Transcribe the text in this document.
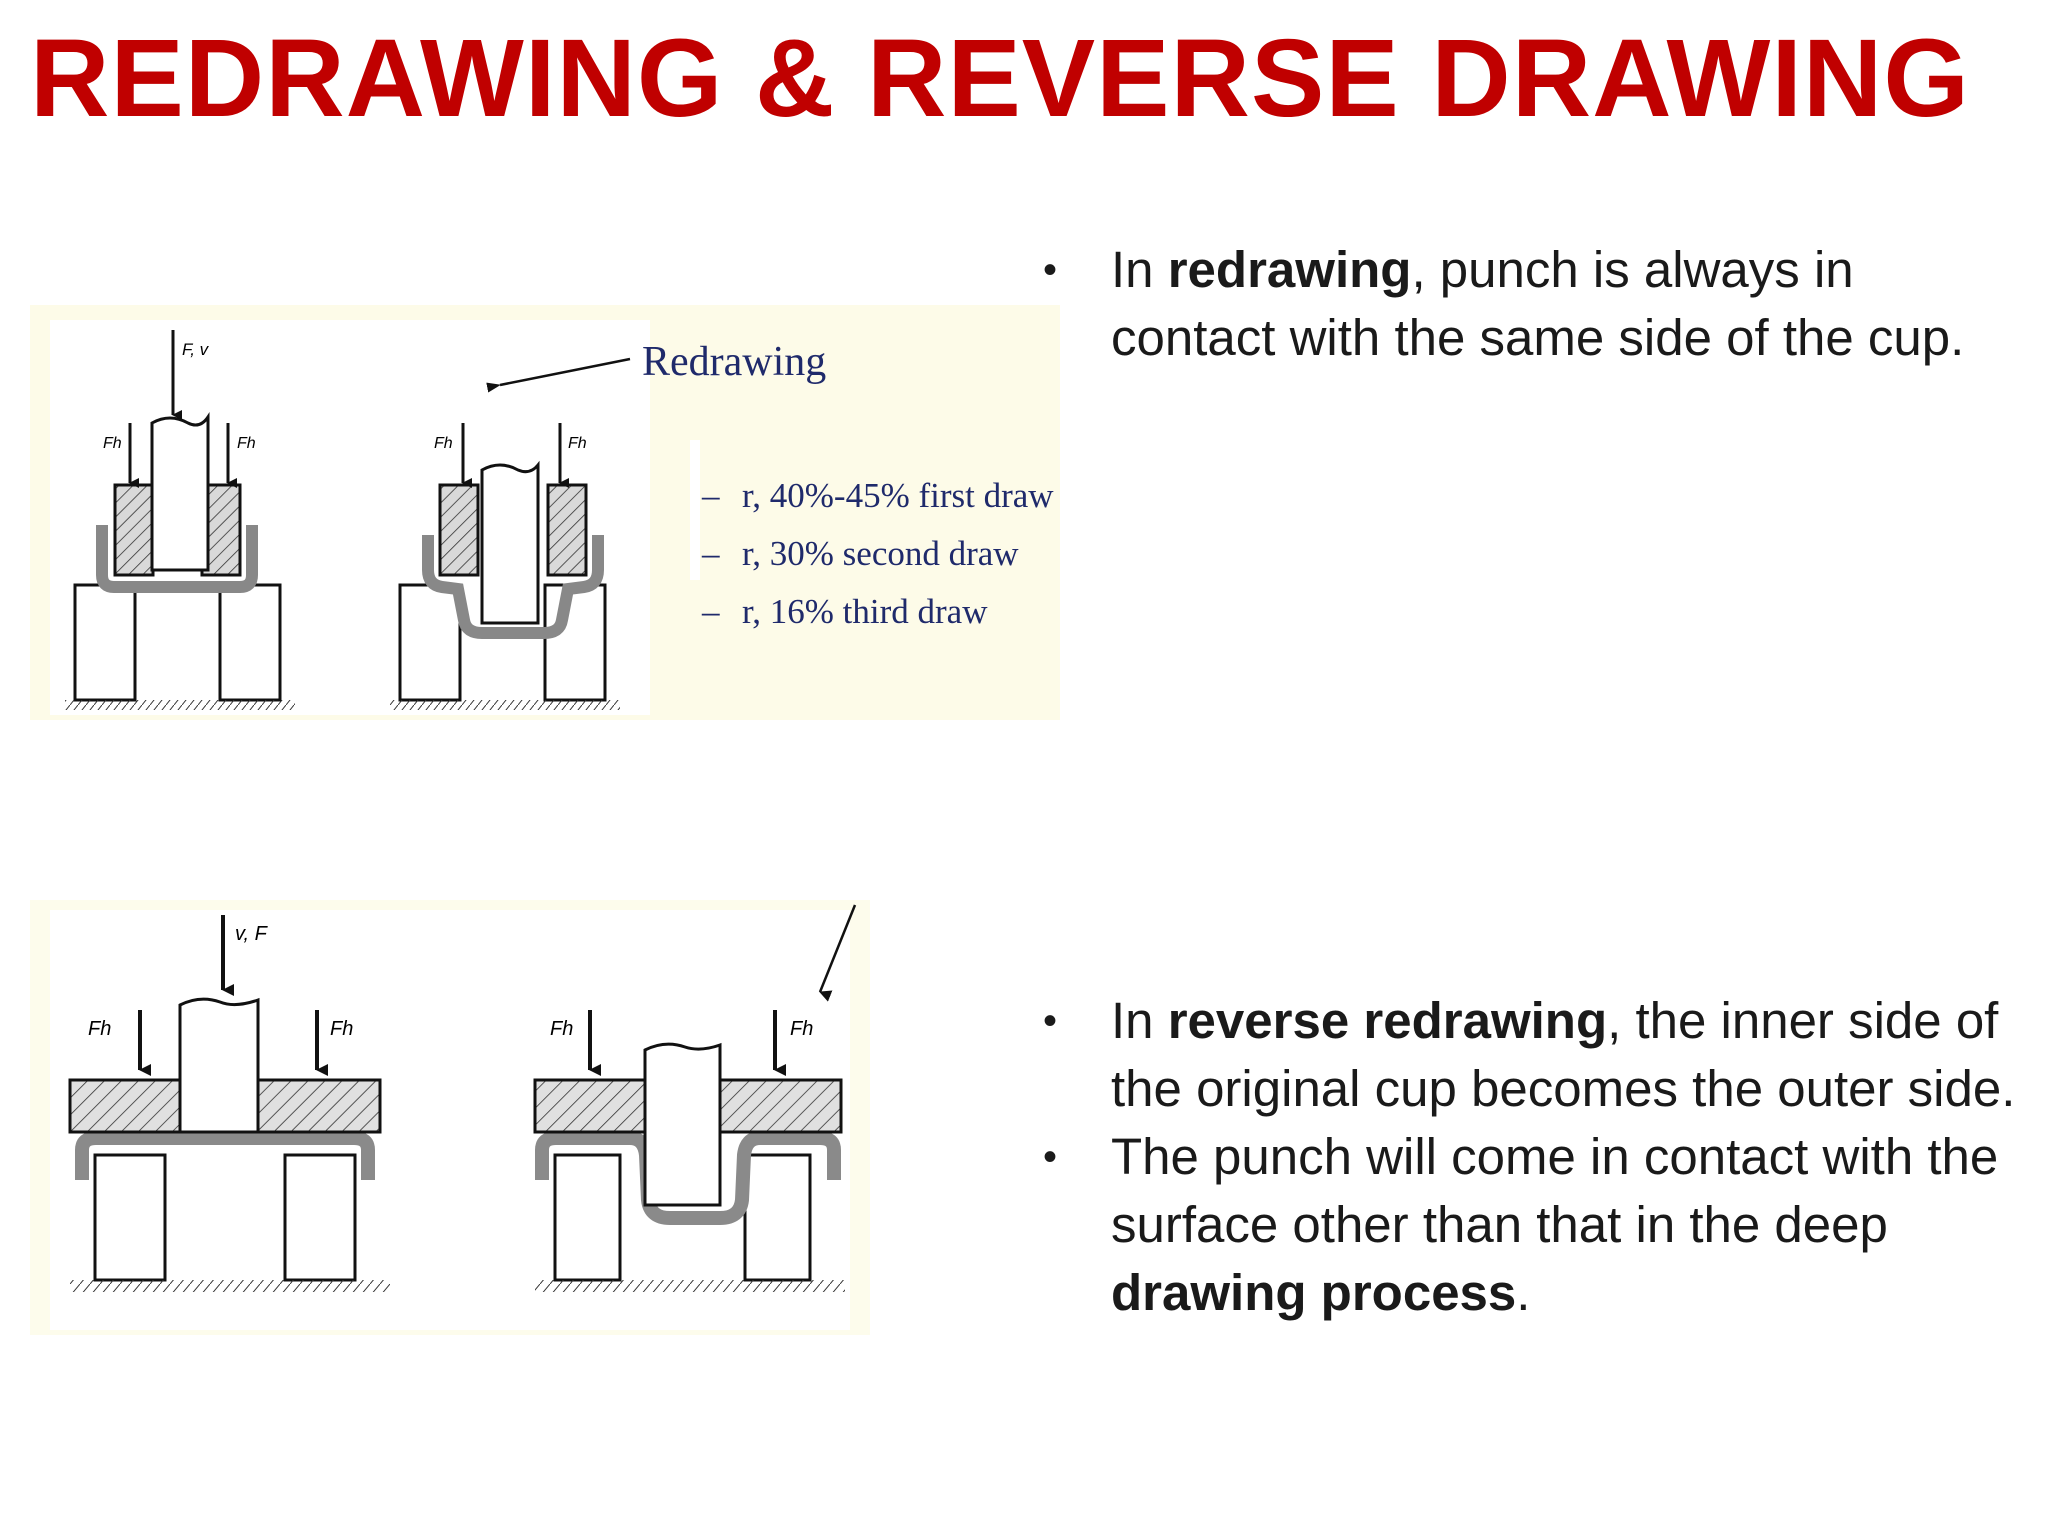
REDRAWING & REVERSE DRAWING
F, v
Fh	Fh	Fh	Fh
Redrawing
– r, 40%-45% first draw
– r, 30% second draw
– r, 16% third draw
v, F
Fh	Fh	Fh	Fh
• In redrawing, punch is always in contact with the same side of the cup.
• In reverse redrawing, the inner side of the original cup becomes the outer side.
• The punch will come in contact with the surface other than that in the deep drawing process.
